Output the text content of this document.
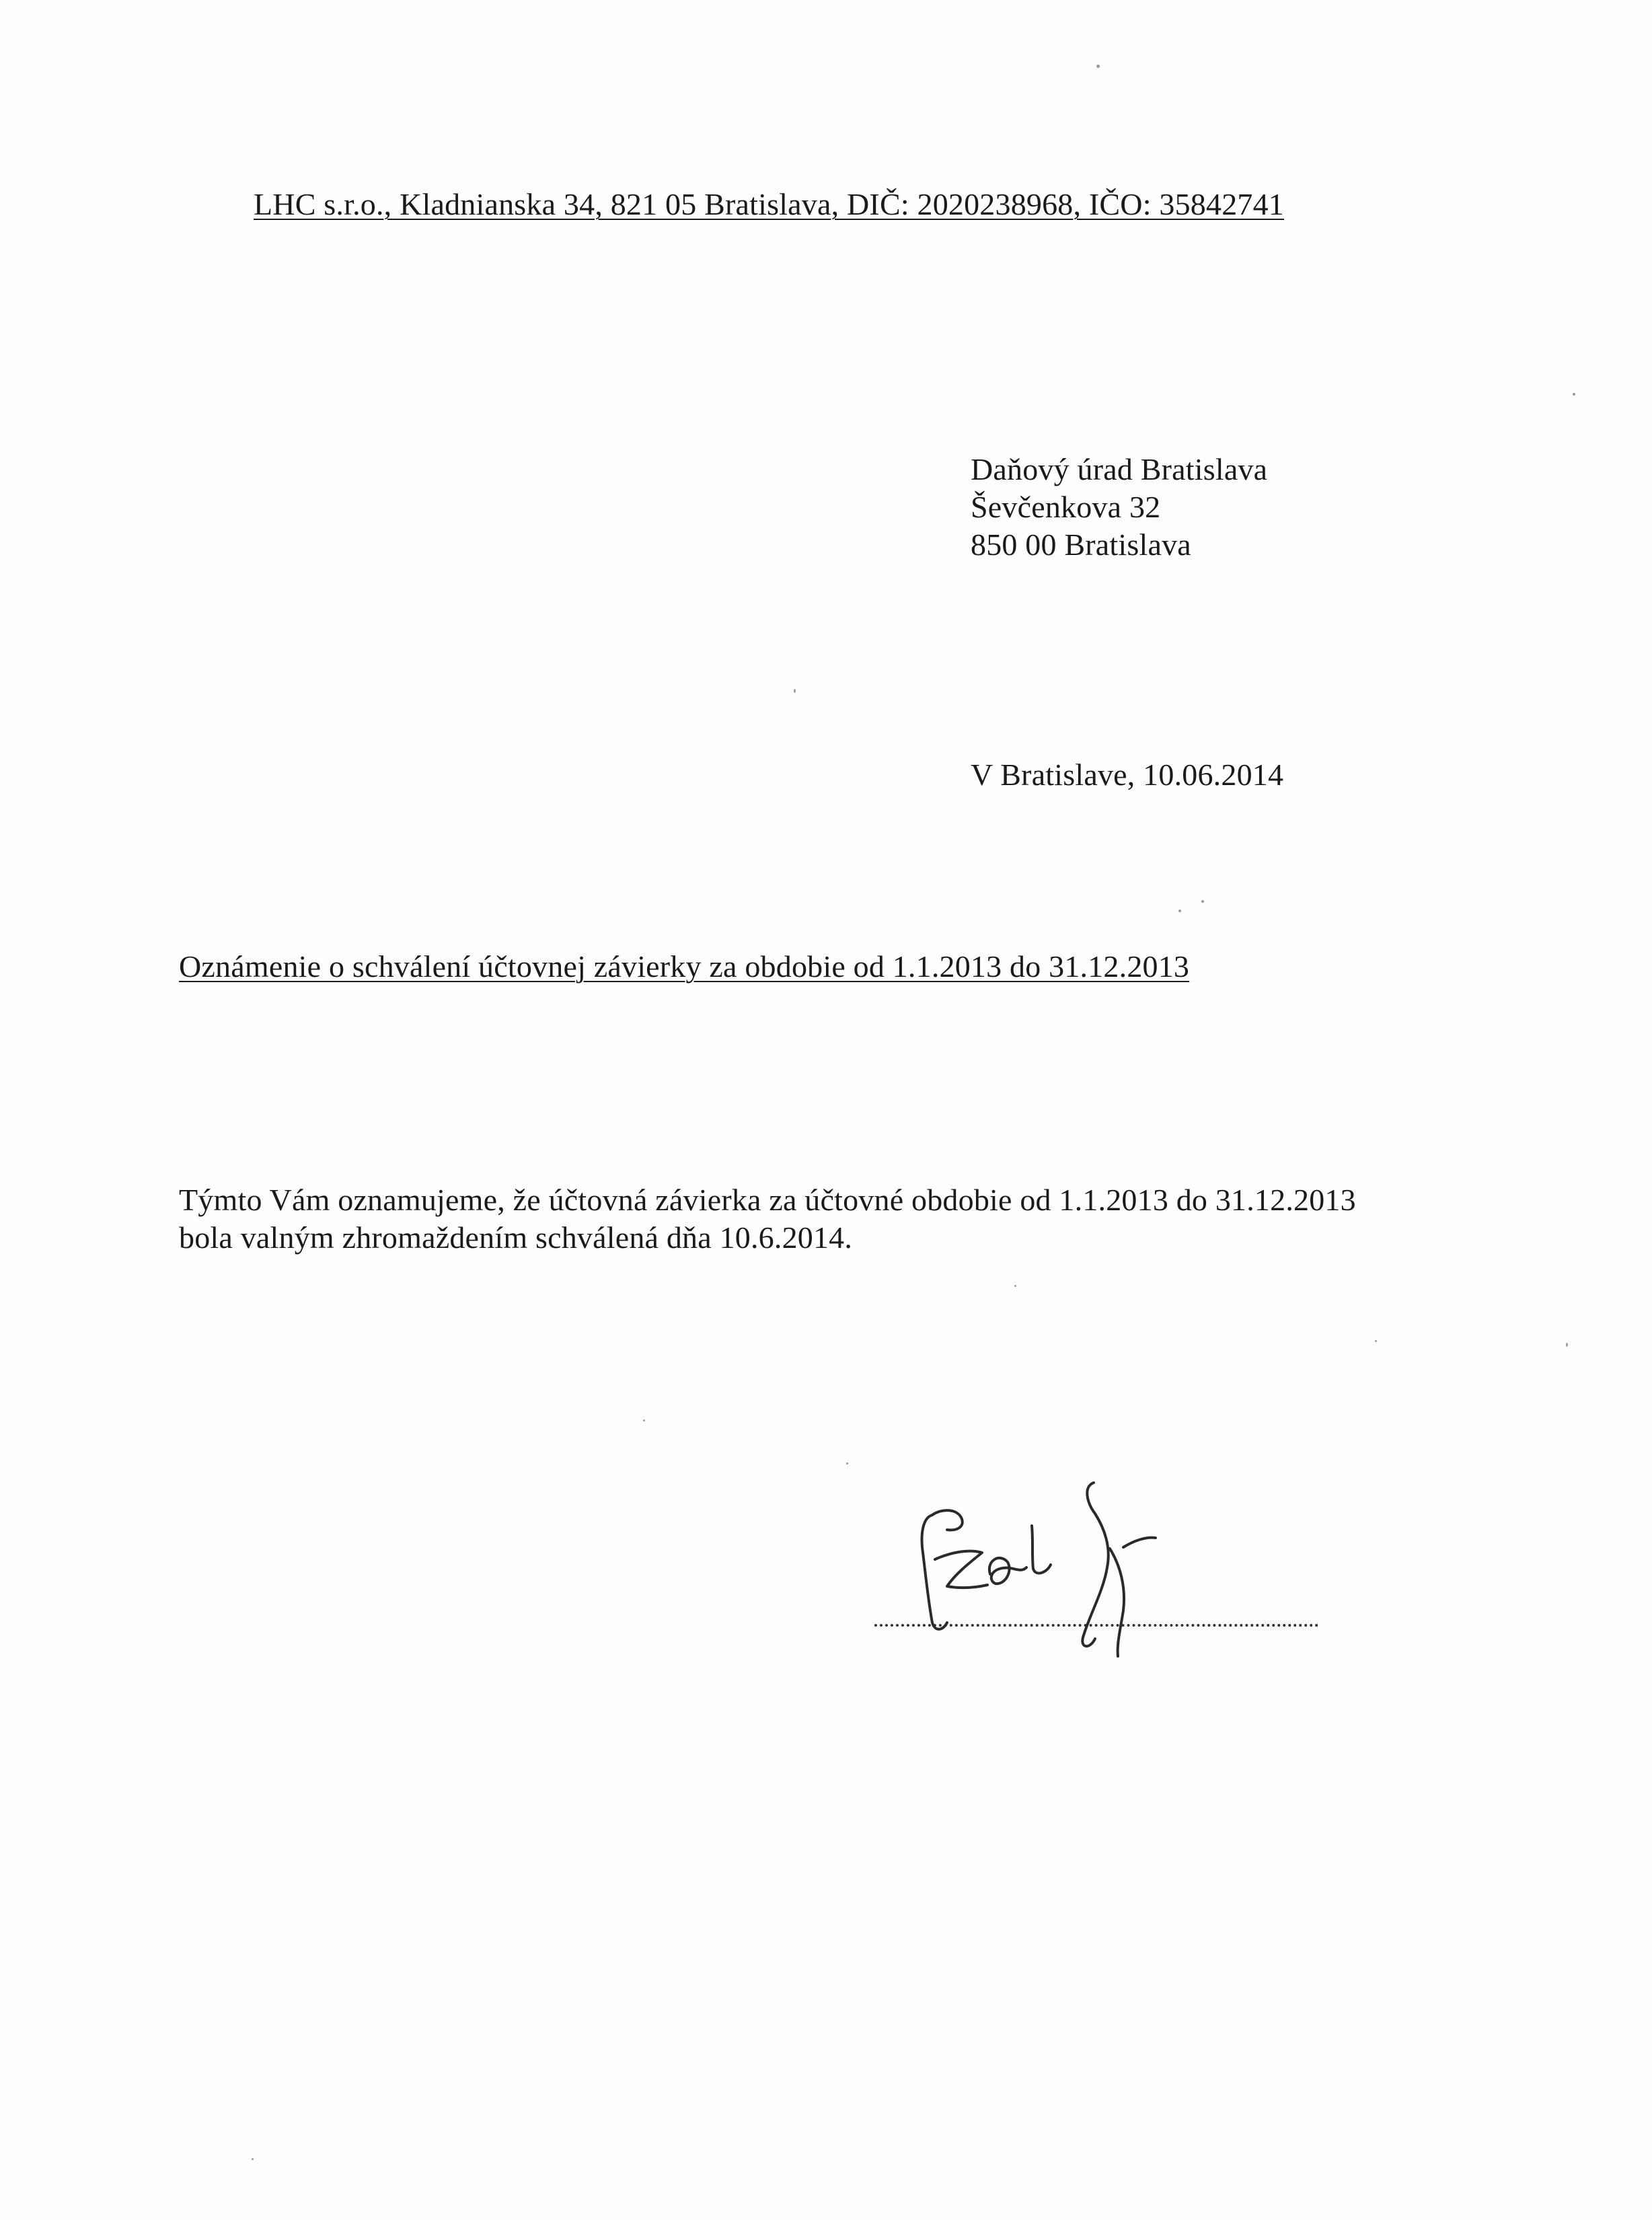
LHC s.r.o., Kladnianska 34, 821 05 Bratislava, DIČ: 2020238968, IČO: 35842741
Daňový úrad Bratislava
Ševčenkova 32
850 00 Bratislava
V Bratislave, 10.06.2014
Oznámenie o schválení účtovnej závierky za obdobie od 1.1.2013 do 31.12.2013
Týmto Vám oznamujeme, že účtovná závierka za účtovné obdobie od 1.1.2013 do 31.12.2013
bola valným zhromaždením schválená dňa 10.6.2014.
